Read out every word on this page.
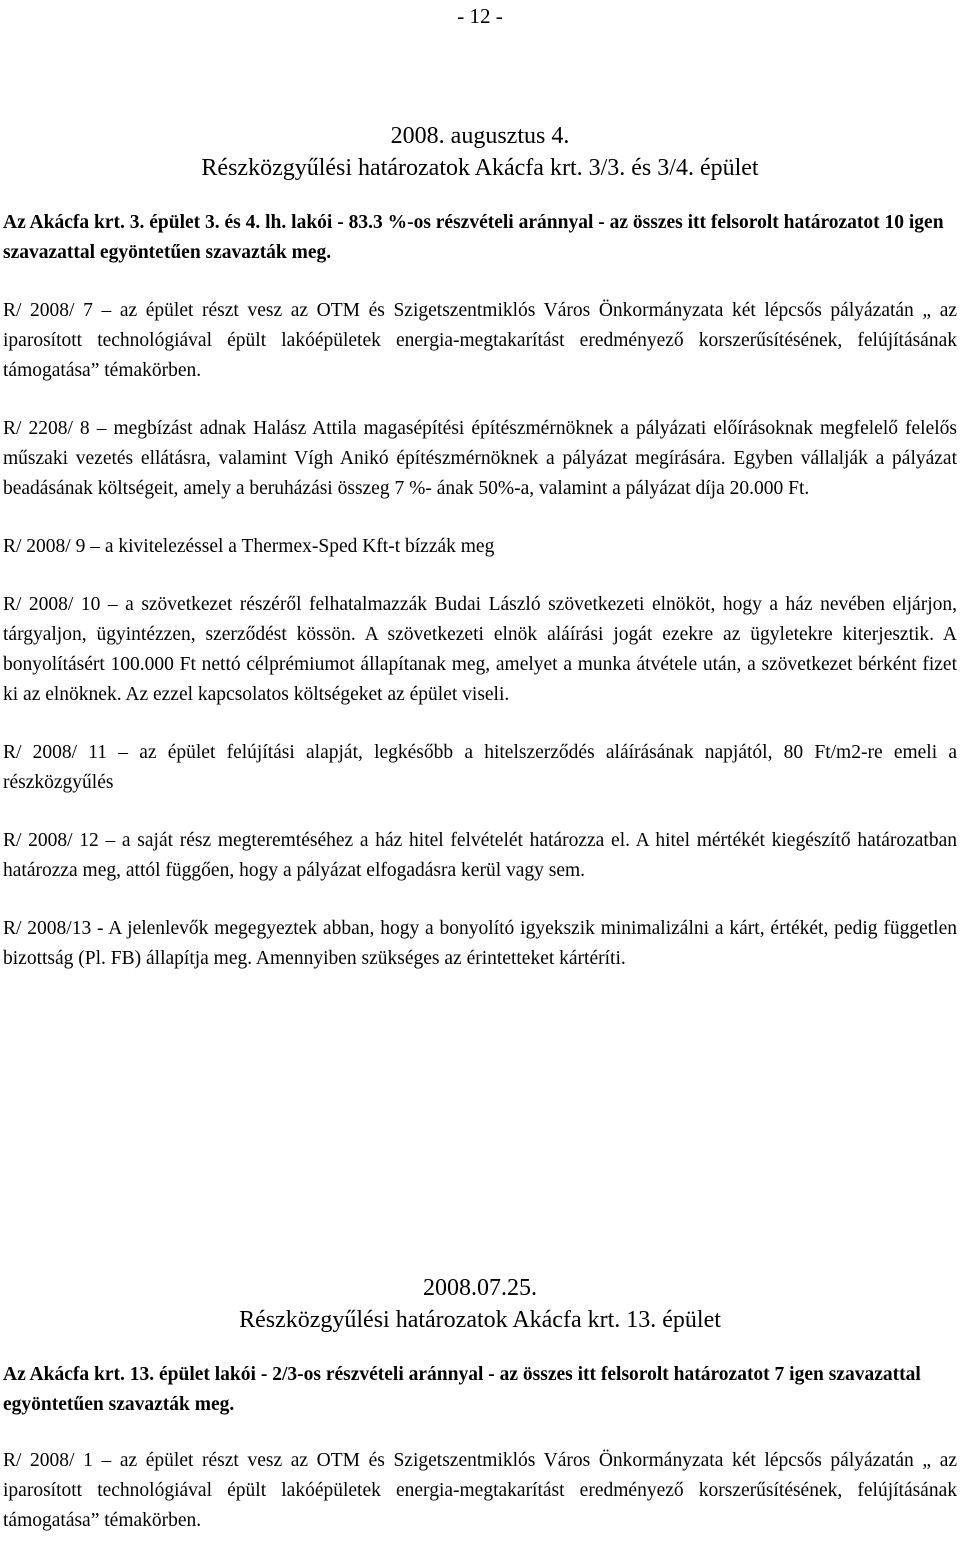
- 12 -

2008. augusztus 4.

Részközgyűlési határozatok Akácfa krt. 3/3. és 3/4. épület

Az Akácfa krt. 3. épület 3. és 4. lh. lakói - 83.3 %-os részvételi aránnyal - az összes itt felsorolt határozatot 10 igen szavazattal egyöntetűen szavazták meg.

R/ 2008/ 7 – az épület részt vesz az OTM és Szigetszentmiklós Város Önkormányzata két lépcsős pályázatán „ az iparosított technológiával épült lakóépületek energia-megtakarítást eredményező korszerűsítésének, felújításának támogatása” témakörben.

R/ 2208/ 8 – megbízást adnak Halász Attila magasépítési építészmérnöknek a pályázati előírásoknak megfelelő felelős műszaki vezetés ellátásra, valamint Vígh Anikó építészmérnöknek a pályázat megírására. Egyben vállalják a pályázat beadásának költségeit, amely a beruházási összeg 7 %- ának 50%-a, valamint a pályázat díja 20.000 Ft.

R/ 2008/ 9 – a kivitelezéssel a Thermex-Sped Kft-t bízzák meg

R/ 2008/ 10 – a szövetkezet részéről felhatalmazzák Budai László szövetkezeti elnököt, hogy a ház nevében eljárjon, tárgyaljon, ügyintézzen, szerződést kössön. A szövetkezeti elnök aláírási jogát ezekre az ügyletekre kiterjesztik. A bonyolításért 100.000 Ft nettó célprémiumot állapítanak meg, amelyet a munka átvétele után, a szövetkezet bérként fizet ki az elnöknek. Az ezzel kapcsolatos költségeket az épület viseli.

R/ 2008/ 11 – az épület felújítási alapját, legkésőbb a hitelszerződés aláírásának napjától, 80 Ft/m2-re emeli a részközgyűlés

R/ 2008/ 12 – a saját rész megteremtéséhez a ház hitel felvételét határozza el. A hitel mértékét kiegészítő határozatban határozza meg, attól függően, hogy a pályázat elfogadásra kerül vagy sem.

R/ 2008/13 - A jelenlevők megegyeztek abban, hogy a bonyolító igyekszik minimalizálni a kárt, értékét, pedig független bizottság (Pl. FB) állapítja meg. Amennyiben szükséges az érintetteket kártéríti.

2008.07.25.

Részközgyűlési határozatok Akácfa krt. 13. épület

Az Akácfa krt. 13. épület lakói - 2/3-os részvételi aránnyal - az összes itt felsorolt határozatot 7 igen szavazattal egyöntetűen szavazták meg.

R/ 2008/ 1 – az épület részt vesz az OTM és Szigetszentmiklós Város Önkormányzata két lépcsős pályázatán „ az iparosított technológiával épült lakóépületek energia-megtakarítást eredményező korszerűsítésének, felújításának támogatása” témakörben.
